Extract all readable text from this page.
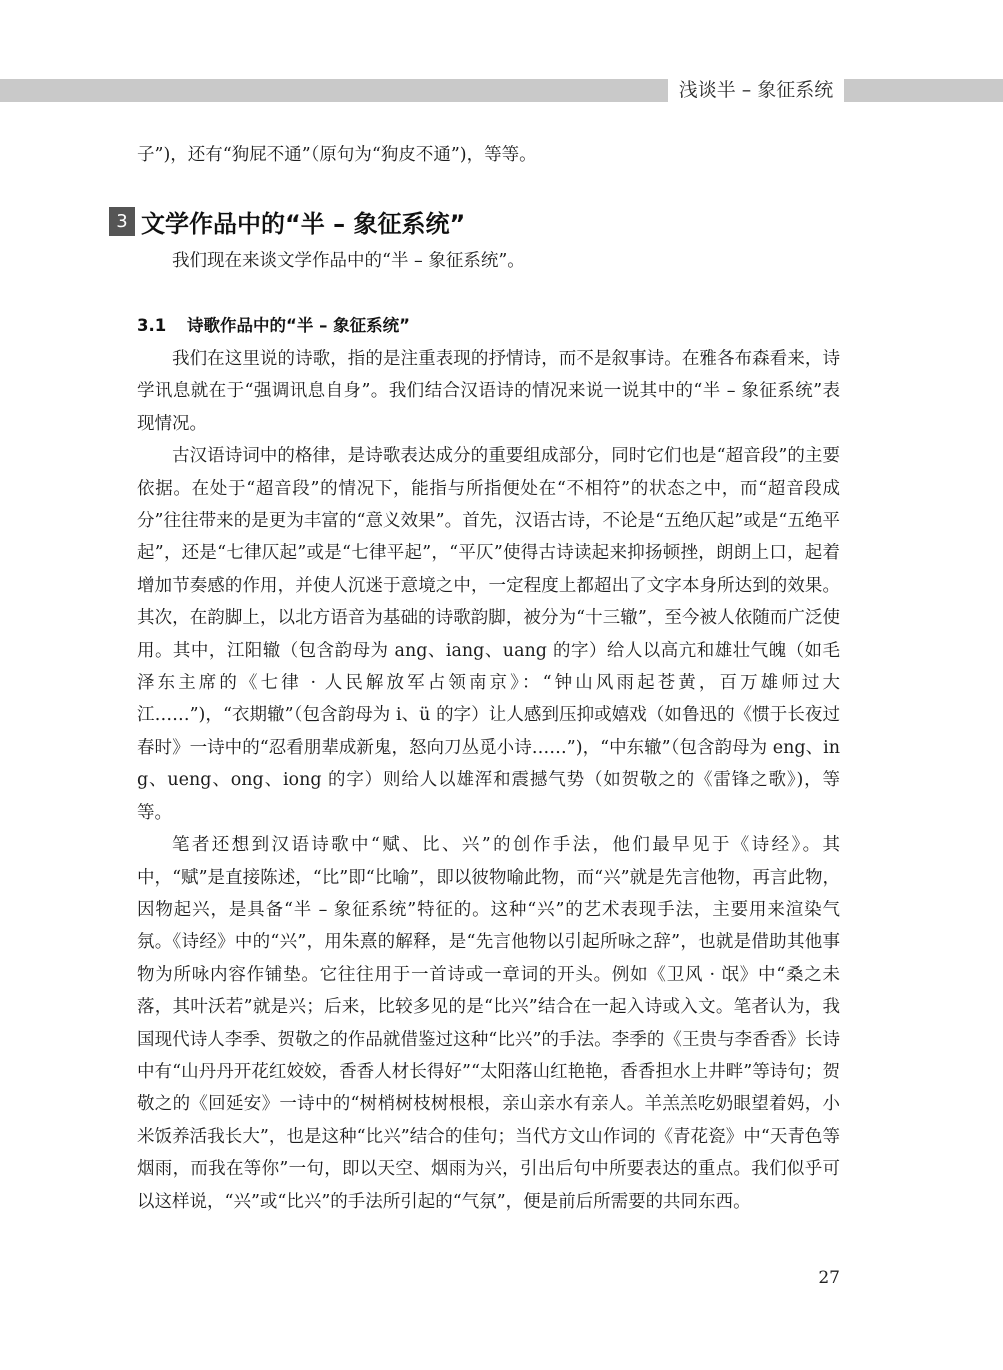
浅谈半 – 象征系统

子”)，还有“狗屁不通”（原句为“狗皮不通”)，等等。

3 文学作品中的“半 – 象征系统”

我们现在来谈文学作品中的“半 – 象征系统”。

3.1 诗歌作品中的“半 – 象征系统”

我们在这里说的诗歌，指的是注重表现的抒情诗，而不是叙事诗。在雅各布森看来，诗学讯息就在于“强调讯息自身”。我们结合汉语诗的情况来说一说其中的“半 – 象征系统”表现情况。

古汉语诗词中的格律，是诗歌表达成分的重要组成部分，同时它们也是“超音段”的主要依据。在处于“超音段”的情况下，能指与所指便处在“不相符”的状态之中，而“超音段成分”往往带来的是更为丰富的“意义效果”。首先，汉语古诗，不论是“五绝仄起”或是“五绝平起”，还是“七律仄起”或是“七律平起”，“平仄”使得古诗读起来抑扬顿挫，朗朗上口，起着增加节奏感的作用，并使人沉迷于意境之中，一定程度上都超出了文字本身所达到的效果。其次，在韵脚上，以北方语音为基础的诗歌韵脚，被分为“十三辙”，至今被人依随而广泛使用。其中，江阳辙（包含韵母为 ang、iang、uang 的字）给人以高亢和雄壮气魄（如毛泽东主席的《七律 · 人民解放军占领南京》：“钟山风雨起苍黄，百万雄师过大江……”)，“衣期辙”（包含韵母为 i、ü 的字）让人感到压抑或嬉戏（如鲁迅的《惯于长夜过春时》一诗中的“忍看朋辈成新鬼，怒向刀丛觅小诗……”)，“中东辙”（包含韵母为 eng、ing、ueng、ong、iong 的字）则给人以雄浑和震撼气势（如贺敬之的《雷锋之歌》)，等等。

笔者还想到汉语诗歌中“赋、比、兴”的创作手法，他们最早见于《诗经》。其中，“赋”是直接陈述，“比”即“比喻”，即以彼物喻此物，而“兴”就是先言他物，再言此物，因物起兴，是具备“半 – 象征系统”特征的。这种“兴”的艺术表现手法，主要用来渲染气氛。《诗经》中的“兴”，用朱熹的解释，是“先言他物以引起所咏之辞”，也就是借助其他事物为所咏内容作铺垫。它往往用于一首诗或一章词的开头。例如《卫风 · 氓》中“桑之未落，其叶沃若”就是兴；后来，比较多见的是“比兴”结合在一起入诗或入文。笔者认为，我国现代诗人李季、贺敬之的作品就借鉴过这种“比兴”的手法。李季的《王贵与李香香》长诗中有“山丹丹开花红姣姣，香香人材长得好”“太阳落山红艳艳，香香担水上井畔”等诗句；贺敬之的《回延安》一诗中的“树梢树枝树根根，亲山亲水有亲人。羊羔羔吃奶眼望着妈，小米饭养活我长大”，也是这种“比兴”结合的佳句；当代方文山作词的《青花瓷》中“天青色等烟雨，而我在等你”一句，即以天空、烟雨为兴，引出后句中所要表达的重点。我们似乎可以这样说，“兴”或“比兴”的手法所引起的“气氛”，便是前后所需要的共同东西。

27
